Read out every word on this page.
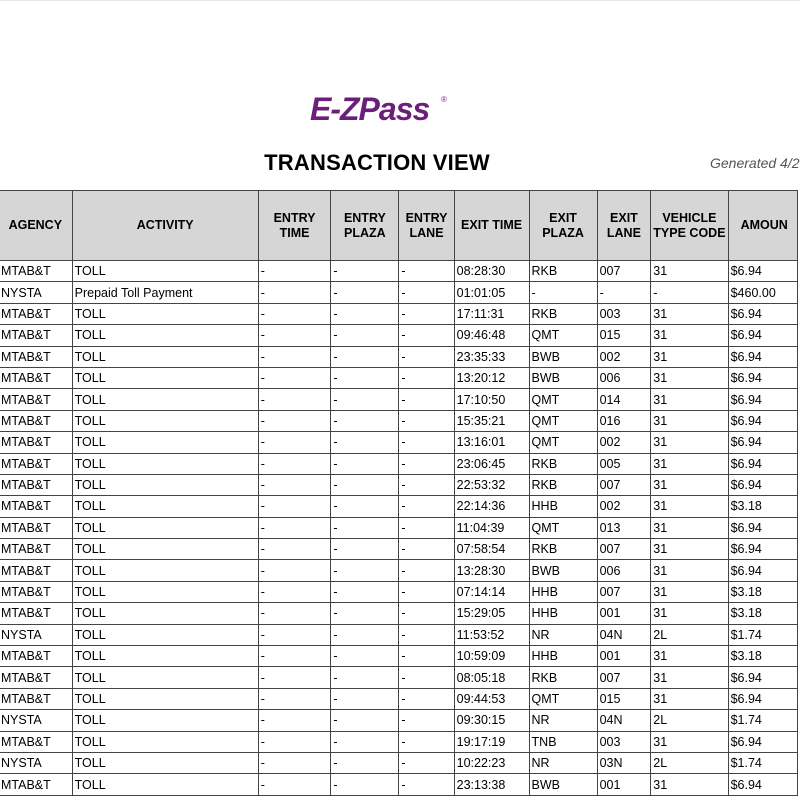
E-ZPass ®
TRANSACTION VIEW	Generated 4/2
AGENCY	ACTIVITY	ENTRY TIME	ENTRY PLAZA	ENTRY LANE	EXIT TIME	EXIT PLAZA	EXIT LANE	VEHICLE TYPE CODE	AMOUN
MTAB&T	TOLL	-	-	-	08:28:30	RKB	007	31	$6.94
NYSTA	Prepaid Toll Payment	-	-	-	01:01:05	-	-	-	$460.00
MTAB&T	TOLL	-	-	-	17:11:31	RKB	003	31	$6.94
MTAB&T	TOLL	-	-	-	09:46:48	QMT	015	31	$6.94
MTAB&T	TOLL	-	-	-	23:35:33	BWB	002	31	$6.94
MTAB&T	TOLL	-	-	-	13:20:12	BWB	006	31	$6.94
MTAB&T	TOLL	-	-	-	17:10:50	QMT	014	31	$6.94
MTAB&T	TOLL	-	-	-	15:35:21	QMT	016	31	$6.94
MTAB&T	TOLL	-	-	-	13:16:01	QMT	002	31	$6.94
MTAB&T	TOLL	-	-	-	23:06:45	RKB	005	31	$6.94
MTAB&T	TOLL	-	-	-	22:53:32	RKB	007	31	$6.94
MTAB&T	TOLL	-	-	-	22:14:36	HHB	002	31	$3.18
MTAB&T	TOLL	-	-	-	11:04:39	QMT	013	31	$6.94
MTAB&T	TOLL	-	-	-	07:58:54	RKB	007	31	$6.94
MTAB&T	TOLL	-	-	-	13:28:30	BWB	006	31	$6.94
MTAB&T	TOLL	-	-	-	07:14:14	HHB	007	31	$3.18
MTAB&T	TOLL	-	-	-	15:29:05	HHB	001	31	$3.18
NYSTA	TOLL	-	-	-	11:53:52	NR	04N	2L	$1.74
MTAB&T	TOLL	-	-	-	10:59:09	HHB	001	31	$3.18
MTAB&T	TOLL	-	-	-	08:05:18	RKB	007	31	$6.94
MTAB&T	TOLL	-	-	-	09:44:53	QMT	015	31	$6.94
NYSTA	TOLL	-	-	-	09:30:15	NR	04N	2L	$1.74
MTAB&T	TOLL	-	-	-	19:17:19	TNB	003	31	$6.94
NYSTA	TOLL	-	-	-	10:22:23	NR	03N	2L	$1.74
MTAB&T	TOLL	-	-	-	23:13:38	BWB	001	31	$6.94
